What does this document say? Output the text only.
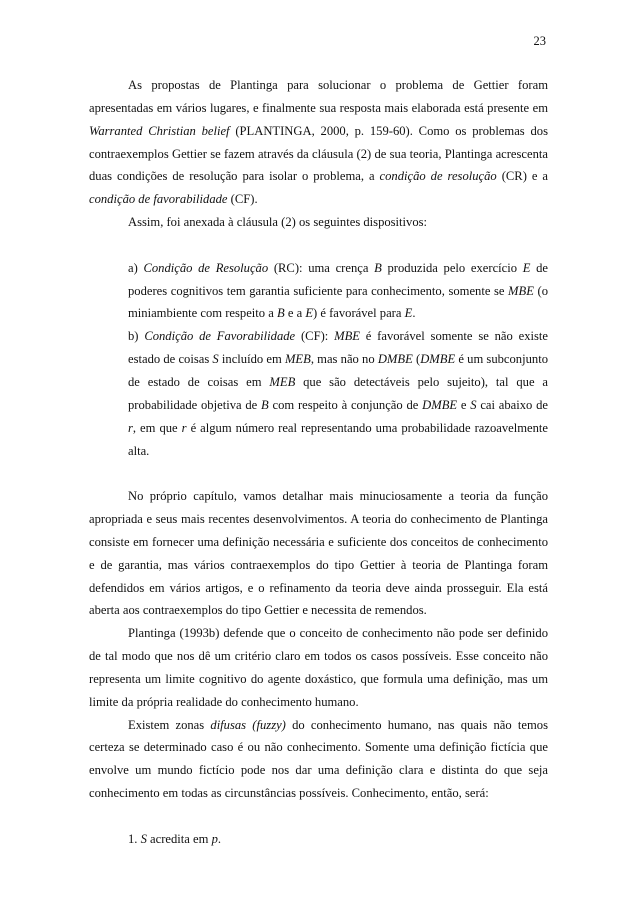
23

As propostas de Plantinga para solucionar o problema de Gettier foram apresentadas em vários lugares, e finalmente sua resposta mais elaborada está presente em Warranted Christian belief (PLANTINGA, 2000, p. 159-60). Como os problemas dos contraexemplos Gettier se fazem através da cláusula (2) de sua teoria, Plantinga acrescenta duas condições de resolução para isolar o problema, a condição de resolução (CR) e a condição de favorabilidade (CF).

Assim, foi anexada à cláusula (2) os seguintes dispositivos:

a) Condição de Resolução (RC): uma crença B produzida pelo exercício E de poderes cognitivos tem garantia suficiente para conhecimento, somente se MBE (o miniambiente com respeito a B e a E) é favorável para E.

b) Condição de Favorabilidade (CF): MBE é favorável somente se não existe estado de coisas S incluído em MEB, mas não no DMBE (DMBE é um subconjunto de estado de coisas em MEB que são detectáveis pelo sujeito), tal que a probabilidade objetiva de B com respeito à conjunção de DMBE e S cai abaixo de r, em que r é algum número real representando uma probabilidade razoavelmente alta.

No próprio capítulo, vamos detalhar mais minuciosamente a teoria da função apropriada e seus mais recentes desenvolvimentos. A teoria do conhecimento de Plantinga consiste em fornecer uma definição necessária e suficiente dos conceitos de conhecimento e de garantia, mas vários contraexemplos do tipo Gettier à teoria de Plantinga foram defendidos em vários artigos, e o refinamento da teoria deve ainda prosseguir. Ela está aberta aos contraexemplos do tipo Gettier e necessita de remendos.

Plantinga (1993b) defende que o conceito de conhecimento não pode ser definido de tal modo que nos dê um critério claro em todos os casos possíveis. Esse conceito não representa um limite cognitivo do agente doxástico, que formula uma definição, mas um limite da própria realidade do conhecimento humano.

Existem zonas difusas (fuzzy) do conhecimento humano, nas quais não temos certeza se determinado caso é ou não conhecimento. Somente uma definição fictícia que envolve um mundo fictício pode nos dar uma definição clara e distinta do que seja conhecimento em todas as circunstâncias possíveis. Conhecimento, então, será:

1. S acredita em p.
